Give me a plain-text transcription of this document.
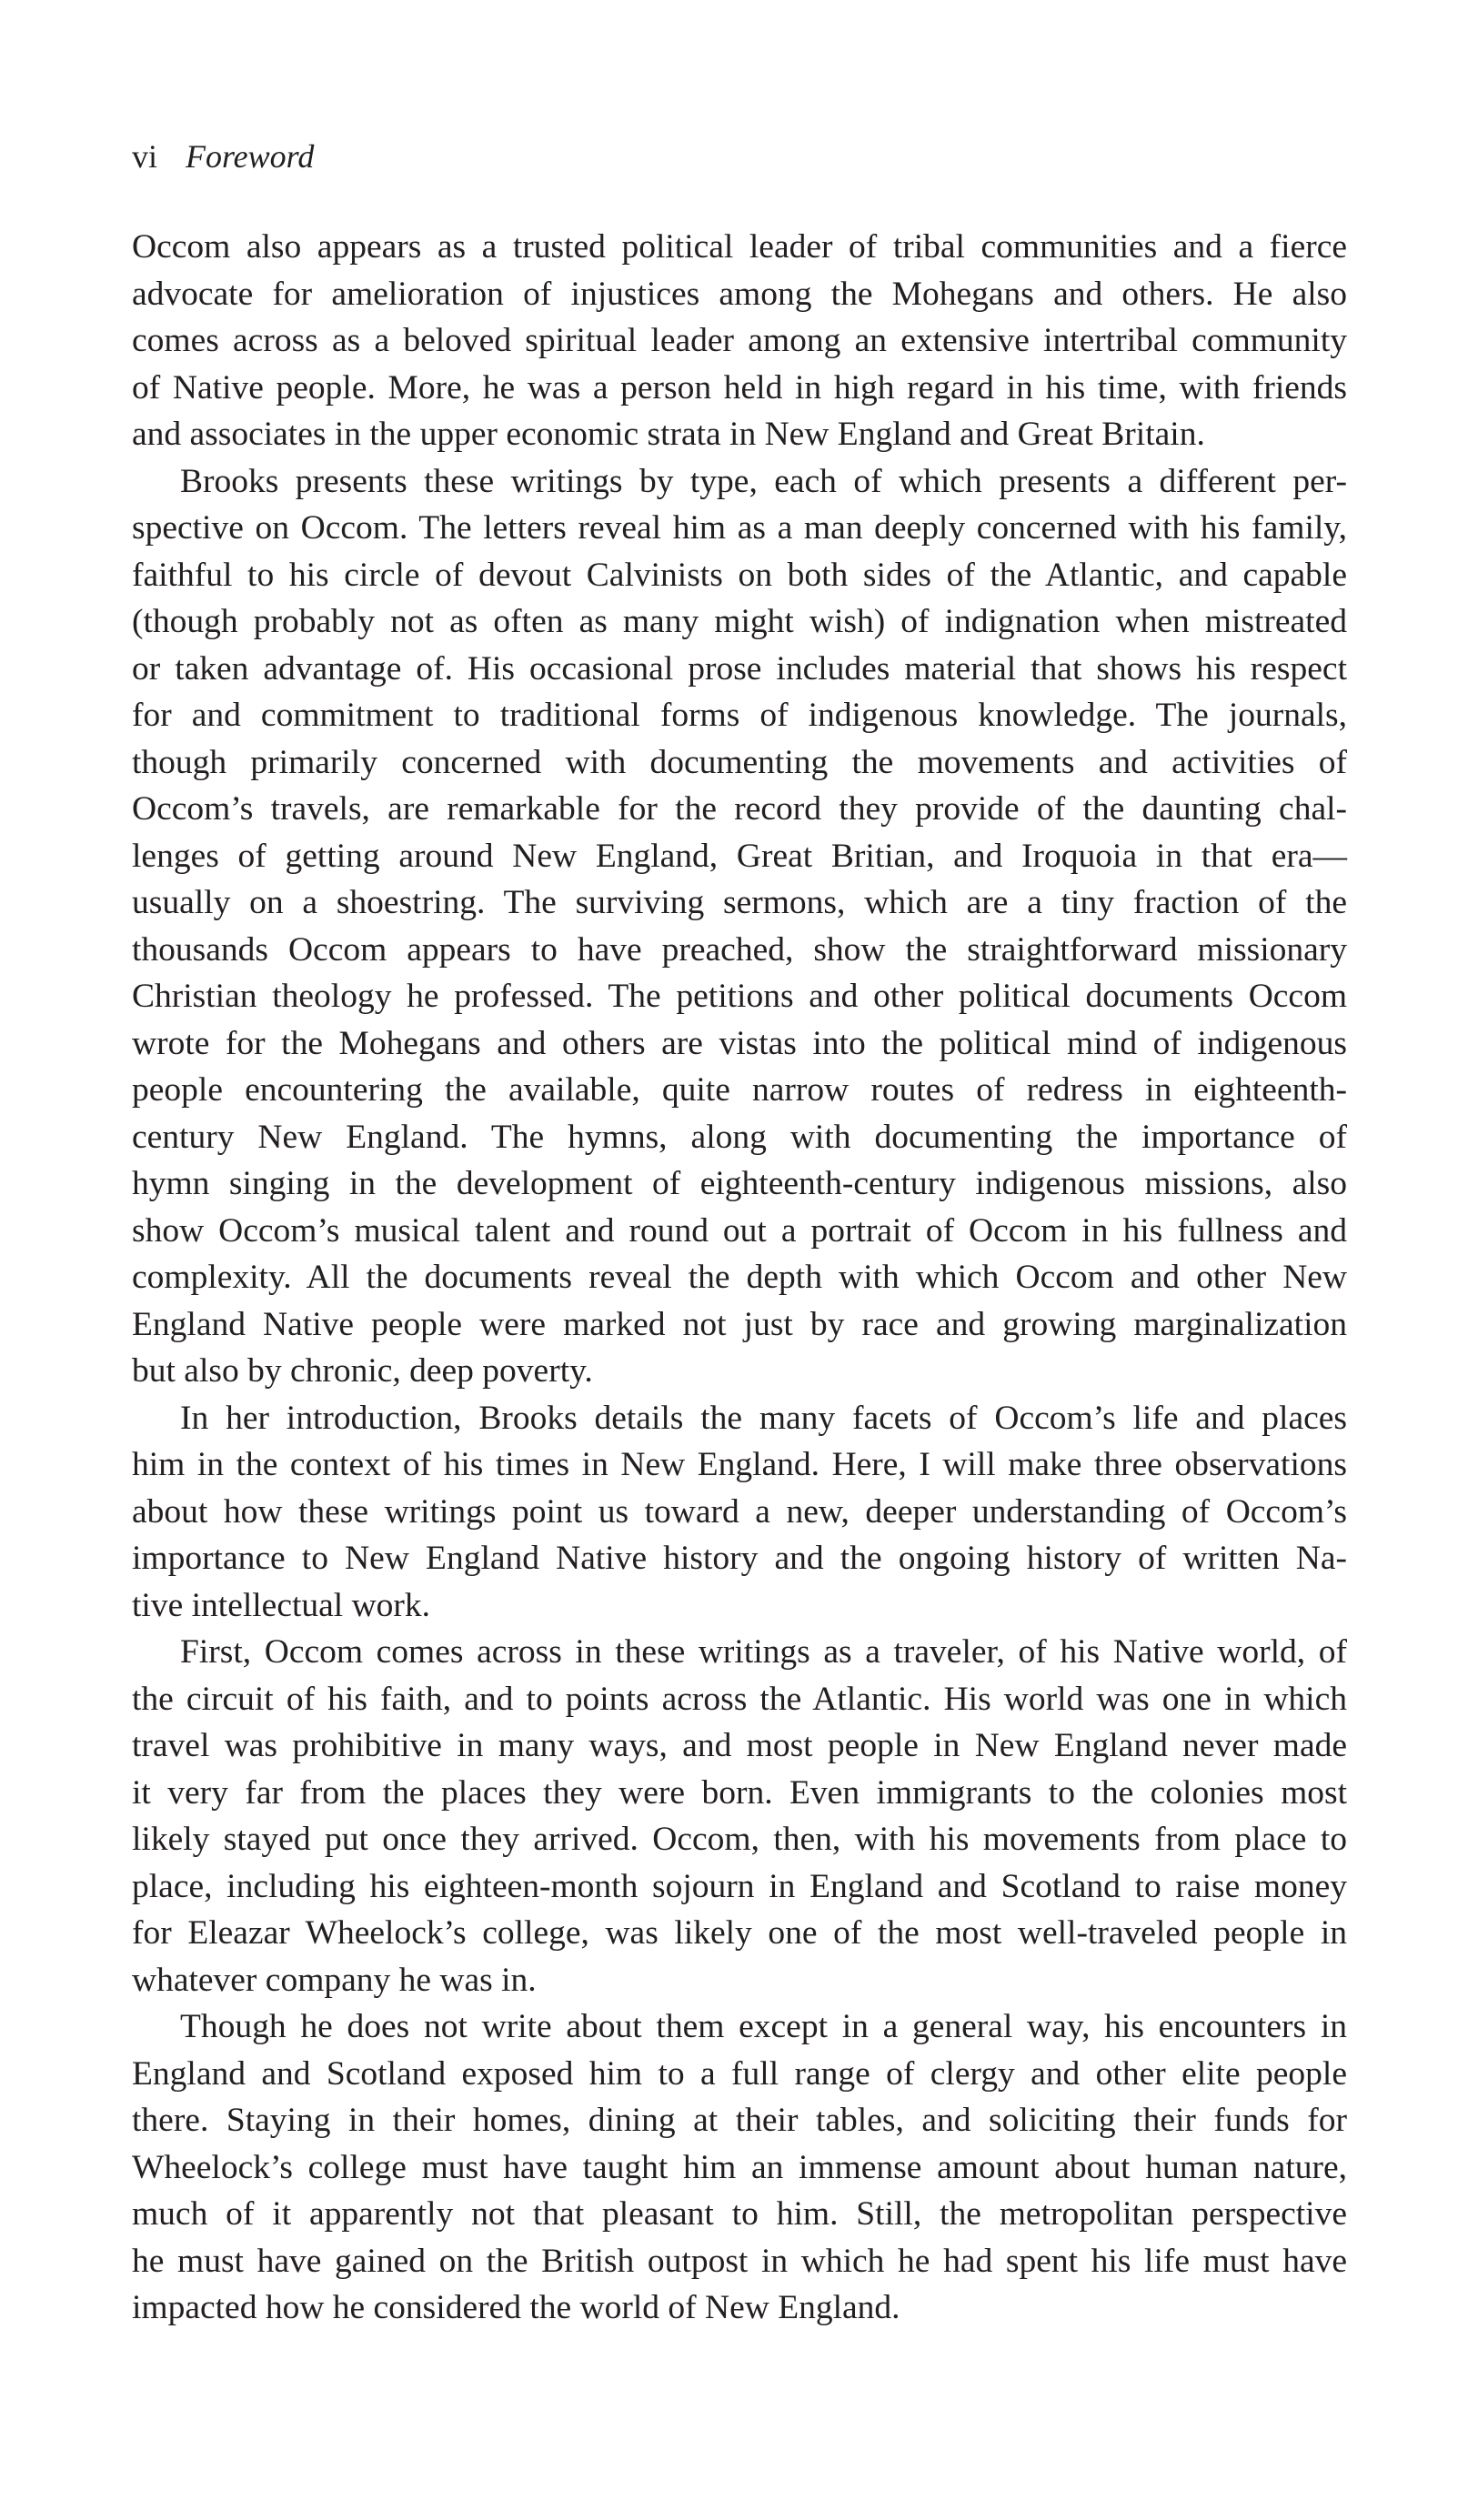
vi Foreword
Occom also appears as a trusted political leader of tribal communities and a fierce
advocate for amelioration of injustices among the Mohegans and others. He also
comes across as a beloved spiritual leader among an extensive intertribal community
of Native people. More, he was a person held in high regard in his time, with friends
and associates in the upper economic strata in New England and Great Britain.
Brooks presents these writings by type, each of which presents a different per-
spective on Occom. The letters reveal him as a man deeply concerned with his family,
faithful to his circle of devout Calvinists on both sides of the Atlantic, and capable
(though probably not as often as many might wish) of indignation when mistreated
or taken advantage of. His occasional prose includes material that shows his respect
for and commitment to traditional forms of indigenous knowledge. The journals,
though primarily concerned with documenting the movements and activities of
Occom’s travels, are remarkable for the record they provide of the daunting chal-
lenges of getting around New England, Great Britian, and Iroquoia in that era—
usually on a shoestring. The surviving sermons, which are a tiny fraction of the
thousands Occom appears to have preached, show the straightforward missionary
Christian theology he professed. The petitions and other political documents Occom
wrote for the Mohegans and others are vistas into the political mind of indigenous
people encountering the available, quite narrow routes of redress in eighteenth-
century New England. The hymns, along with documenting the importance of
hymn singing in the development of eighteenth-century indigenous missions, also
show Occom’s musical talent and round out a portrait of Occom in his fullness and
complexity. All the documents reveal the depth with which Occom and other New
England Native people were marked not just by race and growing marginalization
but also by chronic, deep poverty.
In her introduction, Brooks details the many facets of Occom’s life and places
him in the context of his times in New England. Here, I will make three observations
about how these writings point us toward a new, deeper understanding of Occom’s
importance to New England Native history and the ongoing history of written Na-
tive intellectual work.
First, Occom comes across in these writings as a traveler, of his Native world, of
the circuit of his faith, and to points across the Atlantic. His world was one in which
travel was prohibitive in many ways, and most people in New England never made
it very far from the places they were born. Even immigrants to the colonies most
likely stayed put once they arrived. Occom, then, with his movements from place to
place, including his eighteen-month sojourn in England and Scotland to raise money
for Eleazar Wheelock’s college, was likely one of the most well-traveled people in
whatever company he was in.
Though he does not write about them except in a general way, his encounters in
England and Scotland exposed him to a full range of clergy and other elite people
there. Staying in their homes, dining at their tables, and soliciting their funds for
Wheelock’s college must have taught him an immense amount about human nature,
much of it apparently not that pleasant to him. Still, the metropolitan perspective
he must have gained on the British outpost in which he had spent his life must have
impacted how he considered the world of New England.
